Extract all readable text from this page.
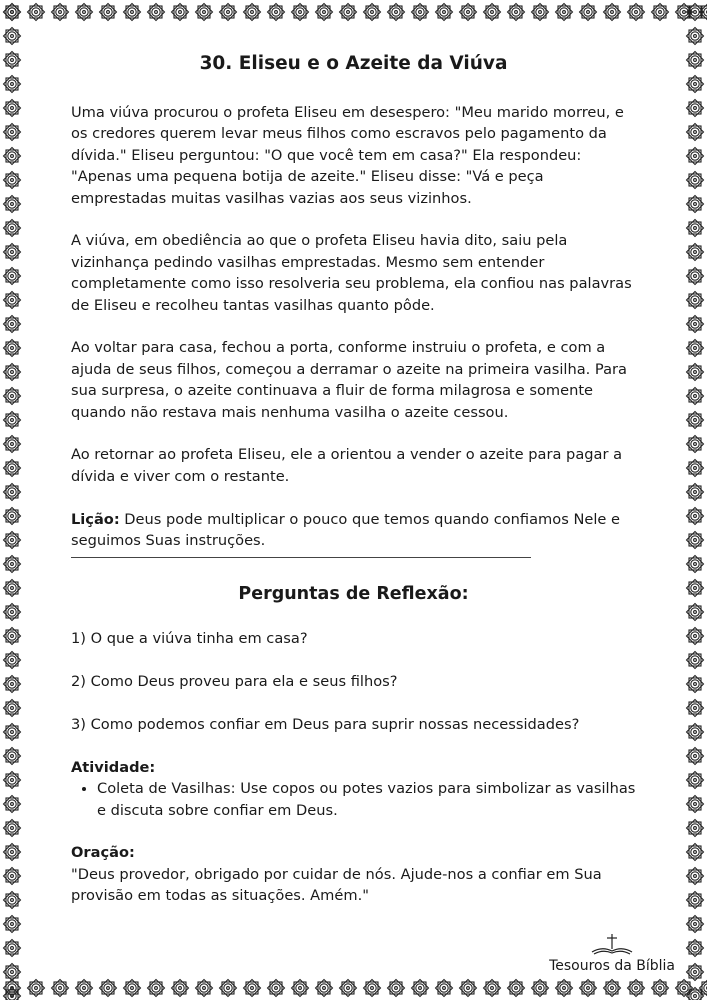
30. Eliseu e o Azeite da Viúva

Uma viúva procurou o profeta Eliseu em desespero: "Meu marido morreu, e os credores querem levar meus filhos como escravos pelo pagamento da dívida." Eliseu perguntou: "O que você tem em casa?" Ela respondeu: "Apenas uma pequena botija de azeite." Eliseu disse: "Vá e peça emprestadas muitas vasilhas vazias aos seus vizinhos.

A viúva, em obediência ao que o profeta Eliseu havia dito, saiu pela vizinhança pedindo vasilhas emprestadas. Mesmo sem entender completamente como isso resolveria seu problema, ela confiou nas palavras de Eliseu e recolheu tantas vasilhas quanto pôde.

Ao voltar para casa, fechou a porta, conforme instruiu o profeta, e com a ajuda de seus filhos, começou a derramar o azeite na primeira vasilha. Para sua surpresa, o azeite continuava a fluir de forma milagrosa e somente quando não restava mais nenhuma vasilha o azeite cessou.

Ao retornar ao profeta Eliseu, ele a orientou a vender o azeite para pagar a dívida e viver com o restante.

Lição: Deus pode multiplicar o pouco que temos quando confiamos Nele e seguimos Suas instruções.

Perguntas de Reflexão:
1) O que a viúva tinha em casa?
2) Como Deus proveu para ela e seus filhos?
3) Como podemos confiar em Deus para suprir nossas necessidades?
Atividade:
• Coleta de Vasilhas: Use copos ou potes vazios para simbolizar as vasilhas e discuta sobre confiar em Deus.
Oração:
"Deus provedor, obrigado por cuidar de nós. Ajude-nos a confiar em Sua provisão em todas as situações. Amém."
Tesouros da Bíblia
